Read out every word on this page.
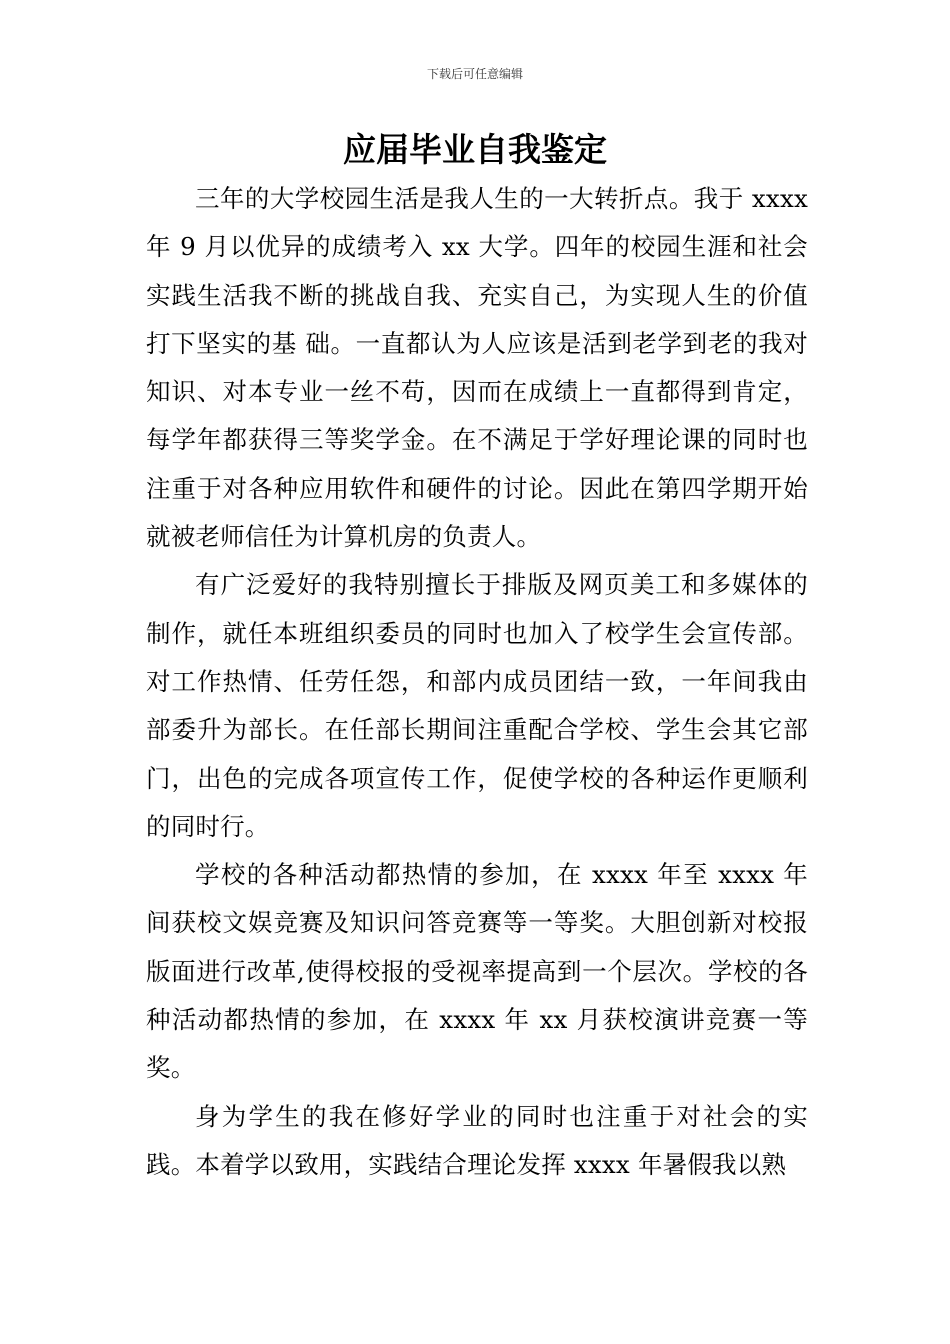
下载后可任意编辑
应届毕业自我鉴定

三年的大学校园生活是我人生的一大转折点。我于 xxxx 年 9 月以优异的成绩考入 xx 大学。四年的校园生涯和社会实践生活我不断的挑战自我、充实自己，为实现人生的价值打下坚实的基 础。一直都认为人应该是活到老学到老的我对知识、对本专业一丝不苟，因而在成绩上一直都得到肯定，每学年都获得三等奖学金。在不满足于学好理论课的同时也注重于对各种应用软件和硬件的讨论。因此在第四学期开始就被老师信任为计算机房的负责人。

有广泛爱好的我特别擅长于排版及网页美工和多媒体的制作，就任本班组织委员的同时也加入了校学生会宣传部。对工作热情、任劳任怨，和部内成员团结一致，一年间我由部委升为部长。在任部长期间注重配合学校、学生会其它部门，出色的完成各项宣传工作，促使学校的各种运作更顺利的同时行。

学校的各种活动都热情的参加，在 xxxx 年至 xxxx 年间获校文娱竞赛及知识问答竞赛等一等奖。大胆创新对校报版面进行改革,使得校报的受视率提高到一个层次。学校的各种活动都热情的参加，在 xxxx 年 xx 月获校演讲竞赛一等奖。

身为学生的我在修好学业的同时也注重于对社会的实践。本着学以致用，实践结合理论发挥 xxxx 年暑假我以熟
